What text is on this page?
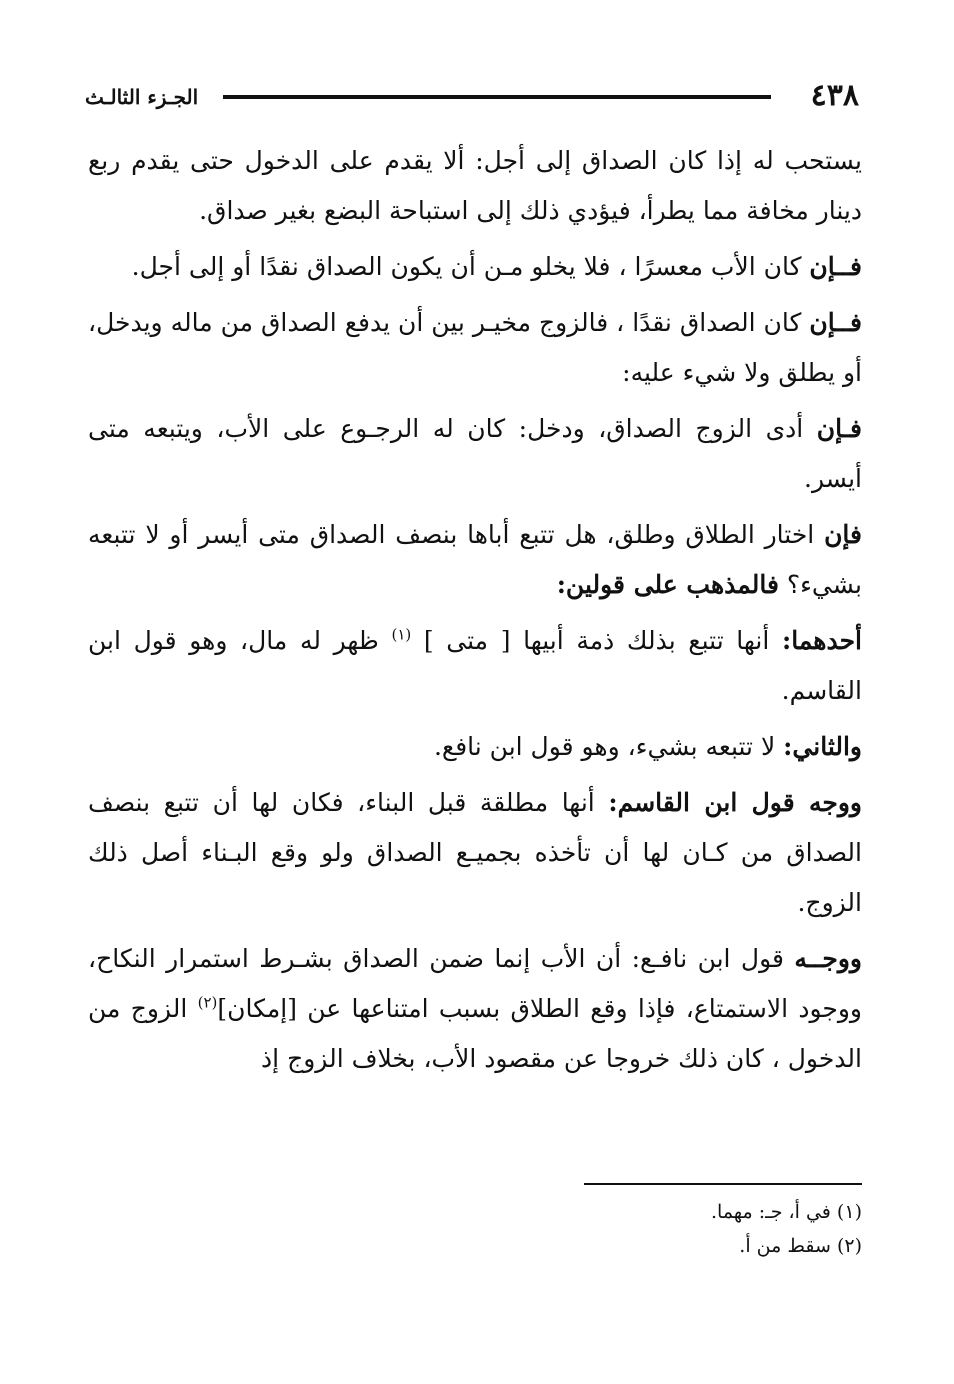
٤٣٨
الجـزء الثالـث

يستحب له إذا كان الصداق إلى أجل: ألا يقدم على الدخول حتى يقدم ربع دينار مخافة مما يطرأ، فيؤدي ذلك إلى استباحة البضع بغير صداق.

فــإن كان الأب معسرًا ، فلا يخلو مـن أن يكون الصداق نقدًا أو إلى أجل.

فــإن كان الصداق نقدًا ، فالزوج مخيـر بين أن يدفع الصداق من ماله ويدخل، أو يطلق ولا شيء عليه:

فـإن أدى الزوج الصداق، ودخل: كان له الرجـوع على الأب، ويتبعه متى أيسر.

فإن اختار الطلاق وطلق، هل تتبع أباها بنصف الصداق متى أيسر أو لا تتبعه بشيء؟ فالمذهب على قولين:

أحدهما: أنها تتبع بذلك ذمة أبيها [ متى ] $^{(١)}$ ظهر له مال، وهو قول ابن القاسم.

والثاني: لا تتبعه بشيء، وهو قول ابن نافع.

ووجه قول ابن القاسم: أنها مطلقة قبل البناء، فكان لها أن تتبع بنصف الصداق من كـان لها أن تأخذه بجميـع الصداق ولو وقع البـناء أصل ذلك الزوج.

ووجــه قول ابن نافـع: أن الأب إنما ضمن الصداق بشـرط استمرار النكاح، ووجود الاستمتاع، فإذا وقع الطلاق بسبب امتناعها عن [إمكان]$^{(٢)}$ الزوج من الدخول ، كان ذلك خروجا عن مقصود الأب، بخلاف الزوج إذ

(١) في أ، جـ: مهما.

(٢) سقط من أ.
